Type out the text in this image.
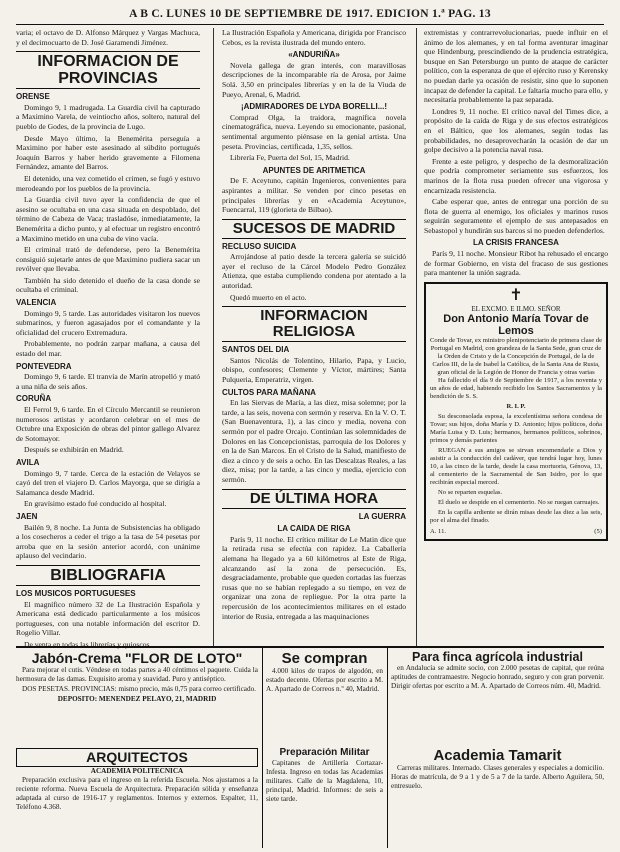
A B C. LUNES 10 DE SEPTIEMBRE DE 1917. EDICION 1.ª PAG. 13

varia; el octavo de D. Alfonso Márquez y Vargas Machuca, y el decimocuarto de D. José Garamendi Jiménez.

INFORMACION DE PROVINCIAS
ORENSE

Domingo 9, 1 madrugada. La Guardia civil ha capturado a Maximino Varela, de veintiocho años, soltero, natural del pueblo de Godes, de la provincia de Lugo.

Desde Mayo último, la Benemérita perseguía a Maximino por haber este asesinado al súbdito portugués Joaquín Barros y haber herido gravemente a Filomena Fernández, amante del Barros.

El detenido, una vez cometido el crimen, se fugó y estuvo merodeando por los pueblos de la provincia.

La Guardia civil tuvo ayer la confidencia de que el asesino se ocultaba en una casa situada en despoblado, del término de Cabeza de Vaca; trasladóse, inmediatamente, la Benemérita a dicho punto, y al efectuar un registro encontró a Maximino metido en una cuba de vino vacía.

El criminal trató de defenderse, pero la Benemérita consiguió sujetarle antes de que Maximino pudiera sacar un revólver que llevaba.

También ha sido detenido el dueño de la casa donde se ocultaba el criminal.

VALENCIA

Domingo 9, 5 tarde. Las autoridades visitaron los nuevos submarinos, y fueron agasajados por el comandante y la oficialidad del crucero Extremadura.

Probablemente, no podrán zarpar mañana, a causa del estado del mar.

PONTEVEDRA

Domingo 9, 6 tarde. El tranvía de Marín atropelló y mató a una niña de seis años.

CORUÑA

El Ferrol 9, 6 tarde. En el Círculo Mercantil se reunieron numerosos artistas y acordaron celebrar en el mes de Octubre una Exposición de obras del pintor gallego Alvarez de Sotomayor.

Después se exhibirán en Madrid.

AVILA

Domingo 9, 7 tarde. Cerca de la estación de Velayos se cayó del tren el viajero D. Carlos Mayorga, que se dirigía a Salamanca desde Madrid.

En gravísimo estado fué conducido al hospital.

JAEN

Bailén 9, 8 noche. La Junta de Subsistencias ha obligado a los cosecheros a ceder el trigo a la tasa de 54 pesetas por arroba que en la sesión anterior acordó, con unánime aplauso del vecindario.

BIBLIOGRAFIA
LOS MUSICOS PORTUGUESES

El magnífico número 32 de La Ilustración Española y Americana está dedicado particularmente a los músicos portugueses, con una notable información del escritor D. Rogelio Villar.

De venta en todas las librerías y quioscos.

La Ilustración Española y Americana, dirigida por Francisco Cebos, es la revista ilustrada del mundo entero.

«ANDURIÑA»

Novela gallega de gran interés, con maravillosas descripciones de la incomparable ría de Arosa, por Jaime Solá. 3,50 en principales librerías y en la de la Viuda de Pueyo, Arenal, 6, Madrid.

¡ADMIRADORES DE LYDA BORELLI...!

Comprad Olga, la traidora, magnífica novela cinematográfica, nueva. Leyendo su emocionante, pasional, sentimental argumento piénsase en la genial artista. Una peseta. Provincias, certificada, 1,35, sellos.

Librería Fe, Puerta del Sol, 15, Madrid.

APUNTES DE ARITMETICA

De F. Aceytuno, capitán Ingenieros, convenientes para aspirantes a militar. Se venden por cinco pesetas en principales librerías y en «Academia Aceytuno», Fuencarral, 119 (glorieta de Bilbao).

SUCESOS DE MADRID
RECLUSO SUICIDA

Arrojándose al patio desde la tercera galería se suicidó ayer el recluso de la Cárcel Modelo Pedro González Atienza, que estaba cumpliendo condena por atentado a la autoridad.

Quedó muerto en el acto.

INFORMACION RELIGIOSA
SANTOS DEL DIA

Santos Nicolás de Tolentino, Hilario, Papa, y Lucio, obispo, confesores; Clemente y Víctor, mártires; Santa Pulqueria, Emperatriz, virgen.

CULTOS PARA MAÑANA

En las Siervas de María, a las diez, misa solemne; por la tarde, a las seis, novena con sermón y reserva. En la V. O. T. (San Buenaventura, 1), a las cinco y media, novena con sermón por el padre Orcajo. Continúan las solemnidades de Dolores en las Concepcionistas, parroquia de los Dolores y en la de San Marcos. En el Cristo de la Salud, manifiesto de diez a cinco y de seis a ocho. En las Descalzas Reales, a las diez, misa; por la tarde, a las cinco y media, ejercicio con sermón.

DE ÚLTIMA HORA
LA GUERRA
LA CAIDA DE RIGA

París 9, 11 noche. El crítico militar de Le Matin dice que la retirada rusa se efectúa con rapidez. La Caballería alemana ha llegado ya a 60 kilómetros al Este de Riga, alcanzando así la zona de persecución. Es, desgraciadamente, probable que queden cortadas las fuerzas rusas que no se habían replegado a su tiempo, en vez de organizar una zona de repliegue. Por la otra parte la repercusión de los acontecimientos militares en el estado interior de Rusia, entregada a las maquinaciones

extremistas y contrarrevolucionarias, puede influir en el ánimo de los alemanes, y en tal forma aventurar imaginar que Hindenburg, prescindiendo de la prudencia estratégica, busque en San Petersburgo un punto de ataque de carácter político, con la esperanza de que el ejército ruso y Kerensky no puedan darle ya ocasión de resistir, sino que lo suponen incapaz de defender la capital. Le faltaría mucho para ello, y necesitaría probablemente la paz separada.

Londres 9, 11 noche. El crítico naval del Times dice, a propósito de la caída de Riga y de sus efectos estratégicos en el Báltico, que los alemanes, según todas las probabilidades, no desaprovecharán la ocasión de dar un golpe decisivo a la potencia naval rusa.

Frente a este peligro, y despecho de la desmoralización que podría comprometer seriamente sus esfuerzos, los marinos de la flota rusa pueden ofrecer una vigorosa y encarnizada resistencia.

Cabe esperar que, antes de entregar una porción de su flota de guerra al enemigo, los oficiales y marinos rusos seguirán seguramente el ejemplo de sus antepasados en Sebastopol y hundirán sus barcos si no pueden defenderlos.

LA CRISIS FRANCESA

París 9, 11 noche. Monsieur Ribot ha rehusado el encargo de formar Gobierno, en vista del fracaso de sus gestiones para mantener la unión sagrada.

✝
EL EXCMO. E ILMO. SEÑOR
Don Antonio María Tovar de Lemos
Conde de Tovar, ex ministro plenipotenciario de primera clase de Portugal en Madrid, con grandeza de la Santa Sede, gran cruz de la Orden de Cristo y de la Concepción de Portugal, de la de Carlos III, de la de Isabel la Católica, de la Santa Ana de Rusia, gran oficial de la Legión de Honor de Francia y otras varias

Ha fallecido el día 9 de Septiembre de 1917, a los noventa y un años de edad, habiendo recibido los Santos Sacramentos y la bendición de S. S.

R. I. P.

Su desconsolada esposa, la excelentísima señora condesa de Tovar; sus hijos, doña María y D. Antonio; hijos políticos, doña María Luisa y D. Luis; hermanos, hermanos políticos, sobrinos, primos y demás parientes

RUEGAN a sus amigos se sirvan encomendarle a Dios y asistir a la conducción del cadáver, que tendrá lugar hoy, lunes 10, a las cinco de la tarde, desde la casa mortuoria, Génova, 13, al cementerio de la Sacramental de San Isidro, por lo que recibirán especial merced.

No se reparten esquelas.

El duelo se despide en el cementerio. No se ruegan carruajes.

En la capilla ardiente se dirán misas desde las diez a las seis, por el alma del finado.

A. 11.	(5)
Jabón-Crema "FLOR DE LOTO"

Para mejorar el cutis. Véndese en todas partes a 40 céntimos el paquete. Cuida la hermosura de las damas. Exquisito aroma y suavidad. Puro y antiséptico.

DOS PESETAS. PROVINCIAS: mismo precio, más 0,75 para correo certificado.

DEPOSITO: MENENDEZ PELAYO, 21, MADRID
ARQUITECTOS
ACADEMIA POLITECNICA

Preparación exclusiva para el ingreso en la referida Escuela. Nos ajustamos a la reciente reforma. Nueva Escuela de Arquitectura. Preparación sólida y enseñanza adaptada al curso de 1916-17 y reglamentos. Internos y externos. Espalter, 11, Teléfono 4.368.

Se compran

4.000 kilos de trapos de algodón, en estado decente. Ofertas por escrito a M. A. Apartado de Correos n.º 40, Madrid.

Preparación Militar

Capitanes de Artillería Cortazar-Infesta. Ingreso en todas las Academias militares. Calle de la Magdalena, 10, principal, Madrid. Informes: de seis a siete tarde.

Para finca agrícola industrial

en Andalucía se admite socio, con 2.000 pesetas de capital, que reúna aptitudes de contramaestre. Negocio honrado, seguro y con gran porvenir. Dirigir ofertas por escrito a M. A. Apartado de Correos núm. 40, Madrid.

Academia Tamarit

Carreras militares. Internado. Clases generales y especiales a domicilio. Horas de matrícula, de 9 a 1 y de 5 a 7 de la tarde. Alberto Aguilera, 50, entresuelo.
